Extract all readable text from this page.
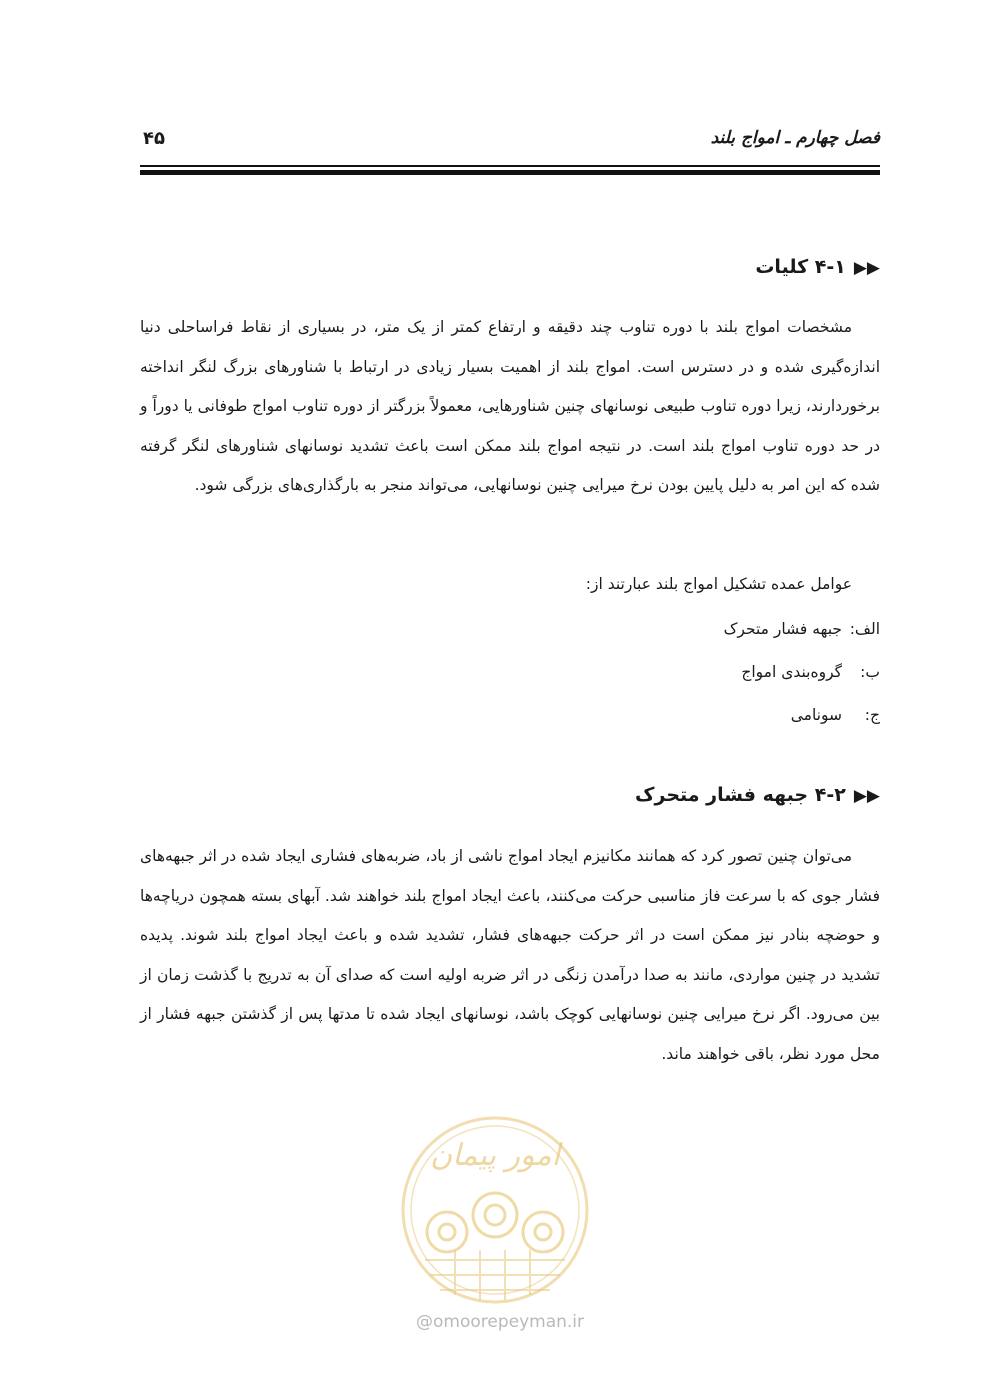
فصل چهارم ـ امواج بلند
۴۵
▶▶۴-۱ کلیات

مشخصات امواج بلند با دوره تناوب چند دقیقه و ارتفاع کمتر از یک متر، در بسیاری از نقاط فراساحلی دنیا اندازه‌گیری شده و در دسترس است. امواج بلند از اهمیت بسیار زیادی در ارتباط با شناورهای بزرگ لنگر انداخته برخوردارند، زیرا دوره تناوب طبیعی نوسانهای چنین شناورهایی، معمولاً بزرگتر از دوره تناوب امواج طوفانی یا دوراً و در حد دوره تناوب امواج بلند است. در نتیجه امواج بلند ممکن است باعث تشدید نوسانهای شناورهای لنگر گرفته شده که این امر به دلیل پایین بودن نرخ میرایی چنین نوسانهایی، می‌تواند منجر به بارگذاری‌های بزرگی شود.

عوامل عمده تشکیل امواج بلند عبارتند از:
الف:جبهه فشار متحرک
ب:گروه‌بندی امواج
ج:سونامی
▶▶۴-۲ جبهه فشار متحرک

می‌توان چنین تصور کرد که همانند مکانیزم ایجاد امواج ناشی از باد، ضربه‌های فشاری ایجاد شده در اثر جبهه‌های فشار جوی که با سرعت فاز مناسبی حرکت می‌کنند، باعث ایجاد امواج بلند خواهند شد. آبهای بسته همچون دریاچه‌ها و حوضچه بنادر نیز ممکن است در اثر حرکت جبهه‌های فشار، تشدید شده و باعث ایجاد امواج بلند شوند. پدیده تشدید در چنین مواردی، مانند به صدا درآمدن زنگی در اثر ضربه اولیه است که صدای آن به تدریج با گذشت زمان از بین می‌رود. اگر نرخ میرایی چنین نوسانهایی کوچک باشد، نوسانهای ایجاد شده تا مدتها پس از گذشتن جبهه فشار از محل مورد نظر، باقی خواهند ماند.

امور پیمان
@omoorepeyman.ir
